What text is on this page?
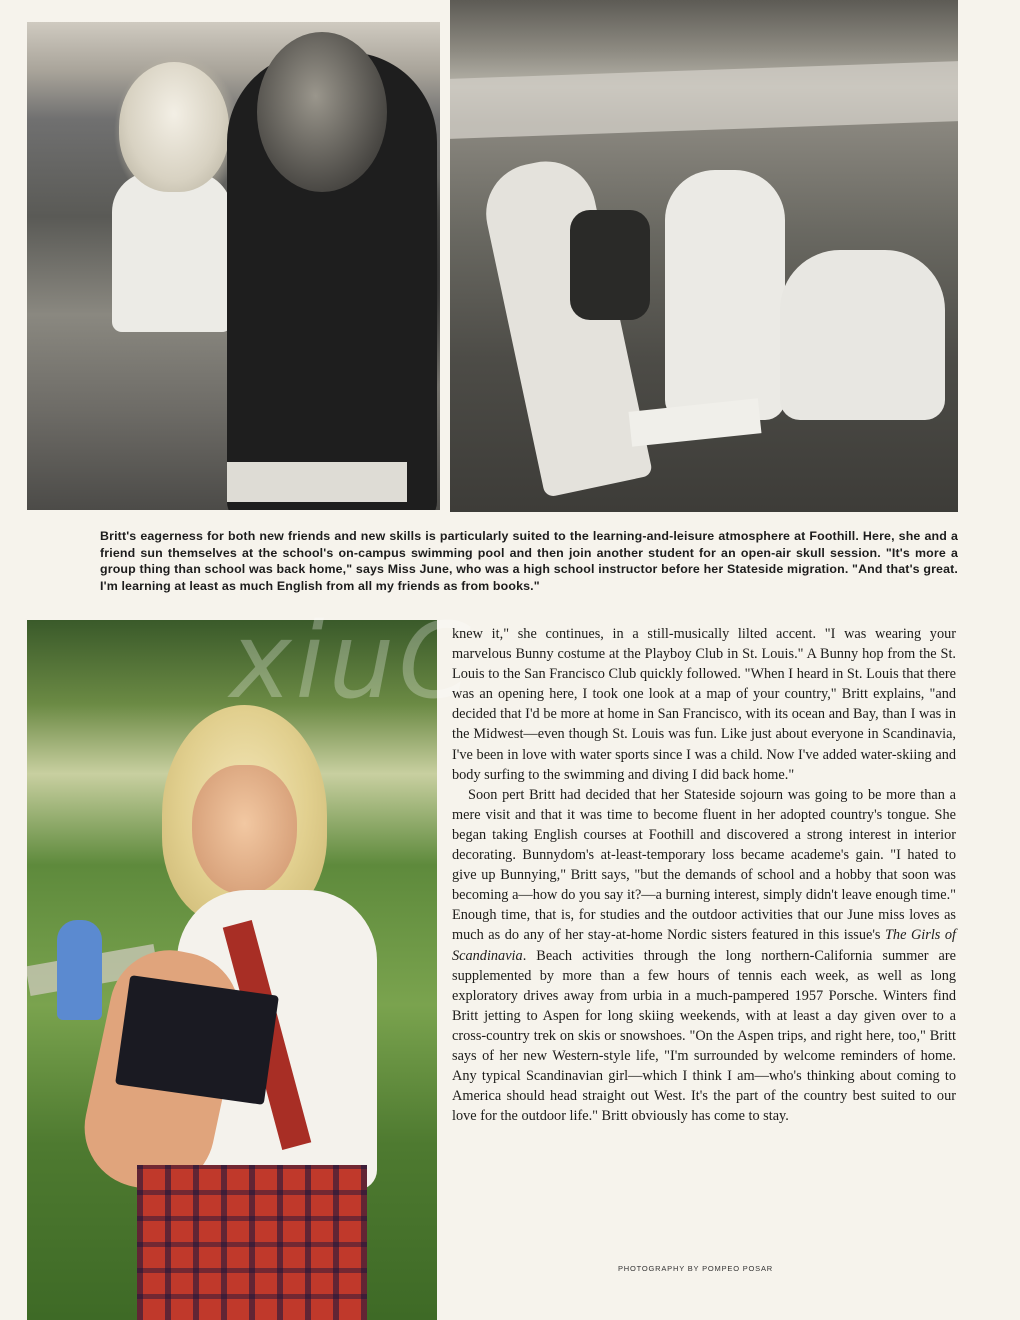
Britt's eagerness for both new friends and new skills is particularly suited to the learning-and-leisure atmosphere at Foothill. Here, she and a friend sun themselves at the school's on-campus swimming pool and then join another student for an open-air skull session. "It's more a group thing than school was back home," says Miss June, who was a high school instructor before her Stateside migration. "And that's great. I'm learning at least as much English from all my friends as from books."
xiuC

knew it," she continues, in a still-musically lilted accent. "I was wearing your marvelous Bunny costume at the Playboy Club in St. Louis." A Bunny hop from the St. Louis to the San Francisco Club quickly followed. "When I heard in St. Louis that there was an opening here, I took one look at a map of your country," Britt explains, "and decided that I'd be more at home in San Francisco, with its ocean and Bay, than I was in the Midwest—even though St. Louis was fun. Like just about everyone in Scandinavia, I've been in love with water sports since I was a child. Now I've added water-skiing and body surfing to the swimming and diving I did back home."

Soon pert Britt had decided that her Stateside sojourn was going to be more than a mere visit and that it was time to become fluent in her adopted country's tongue. She began taking English courses at Foothill and discovered a strong interest in interior decorating. Bunnydom's at-least-temporary loss became academe's gain. "I hated to give up Bunnying," Britt says, "but the demands of school and a hobby that soon was becoming a—how do you say it?—a burning interest, simply didn't leave enough time." Enough time, that is, for studies and the outdoor activities that our June miss loves as much as do any of her stay-at-home Nordic sisters featured in this issue's The Girls of Scandinavia. Beach activities through the long northern-California summer are supplemented by more than a few hours of tennis each week, as well as long exploratory drives away from urbia in a much-pampered 1957 Porsche. Winters find Britt jetting to Aspen for long skiing weekends, with at least a day given over to a cross-country trek on skis or snowshoes. "On the Aspen trips, and right here, too," Britt says of her new Western-style life, "I'm surrounded by welcome reminders of home. Any typical Scandinavian girl—which I think I am—who's thinking about coming to America should head straight out West. It's the part of the country best suited to our love for the outdoor life." Britt obviously has come to stay.

PHOTOGRAPHY BY POMPEO POSAR
